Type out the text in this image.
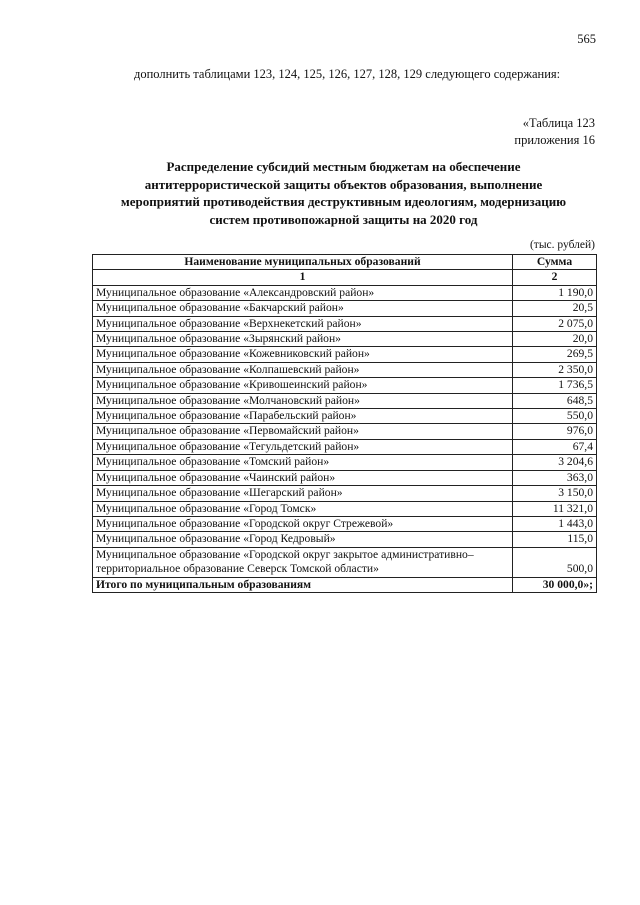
565

дополнить таблицами 123, 124, 125, 126, 127, 128, 129 следующего содержания:

«Таблица 123
приложения 16
Распределение субсидий местным бюджетам на обеспечение
антитеррористической защиты объектов образования, выполнение
мероприятий противодействия деструктивным идеологиям, модернизацию
систем противопожарной защиты на 2020 год
(тыс. рублей)
Наименование муниципальных образований	Сумма
1	2
Муниципальное образование «Александровский район»	1 190,0
Муниципальное образование «Бакчарский район»	20,5
Муниципальное образование «Верхнекетский район»	2 075,0
Муниципальное образование «Зырянский район»	20,0
Муниципальное образование «Кожевниковский район»	269,5
Муниципальное образование «Колпашевский район»	2 350,0
Муниципальное образование «Кривошеинский район»	1 736,5
Муниципальное образование «Молчановский район»	648,5
Муниципальное образование «Парабельский район»	550,0
Муниципальное образование «Первомайский район»	976,0
Муниципальное образование «Тегульдетский район»	67,4
Муниципальное образование «Томский район»	3 204,6
Муниципальное образование «Чаинский район»	363,0
Муниципальное образование «Шегарский район»	3 150,0
Муниципальное образование «Город Томск»	11 321,0
Муниципальное образование «Городской округ Стрежевой»	1 443,0
Муниципальное образование «Город Кедровый»	115,0
Муниципальное образование «Городской округ закрытое административно–территориальное образование Северск Томской области»	500,0
Итого по муниципальным образованиям	30 000,0»;
